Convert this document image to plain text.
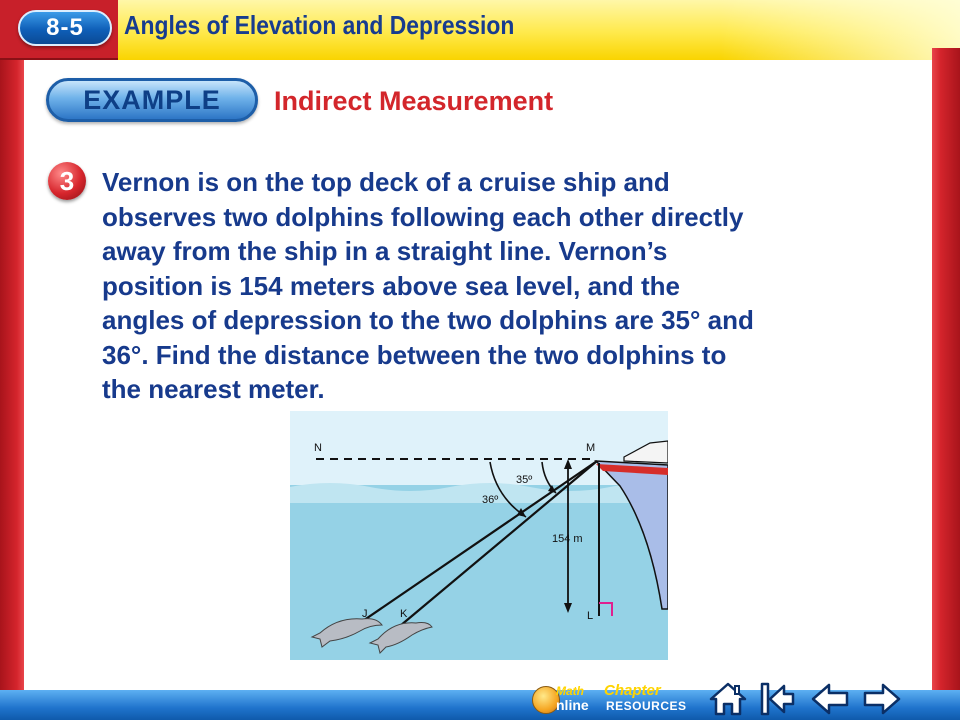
8-5	Angles of Elevation and Depression
EXAMPLE	Indirect Measurement
3	Vernon is on the top deck of a cruise ship and
observes two dolphins following each other directly
away from the ship in a straight line. Vernon’s
position is 154 meters above sea level, and the
angles of depression to the two dolphins are 35° and
36°. Find the distance between the two dolphins to
the nearest meter.
N	M
35º
36º
154 m
J	K	L
Math
nline
Chapter
RESOURCES
